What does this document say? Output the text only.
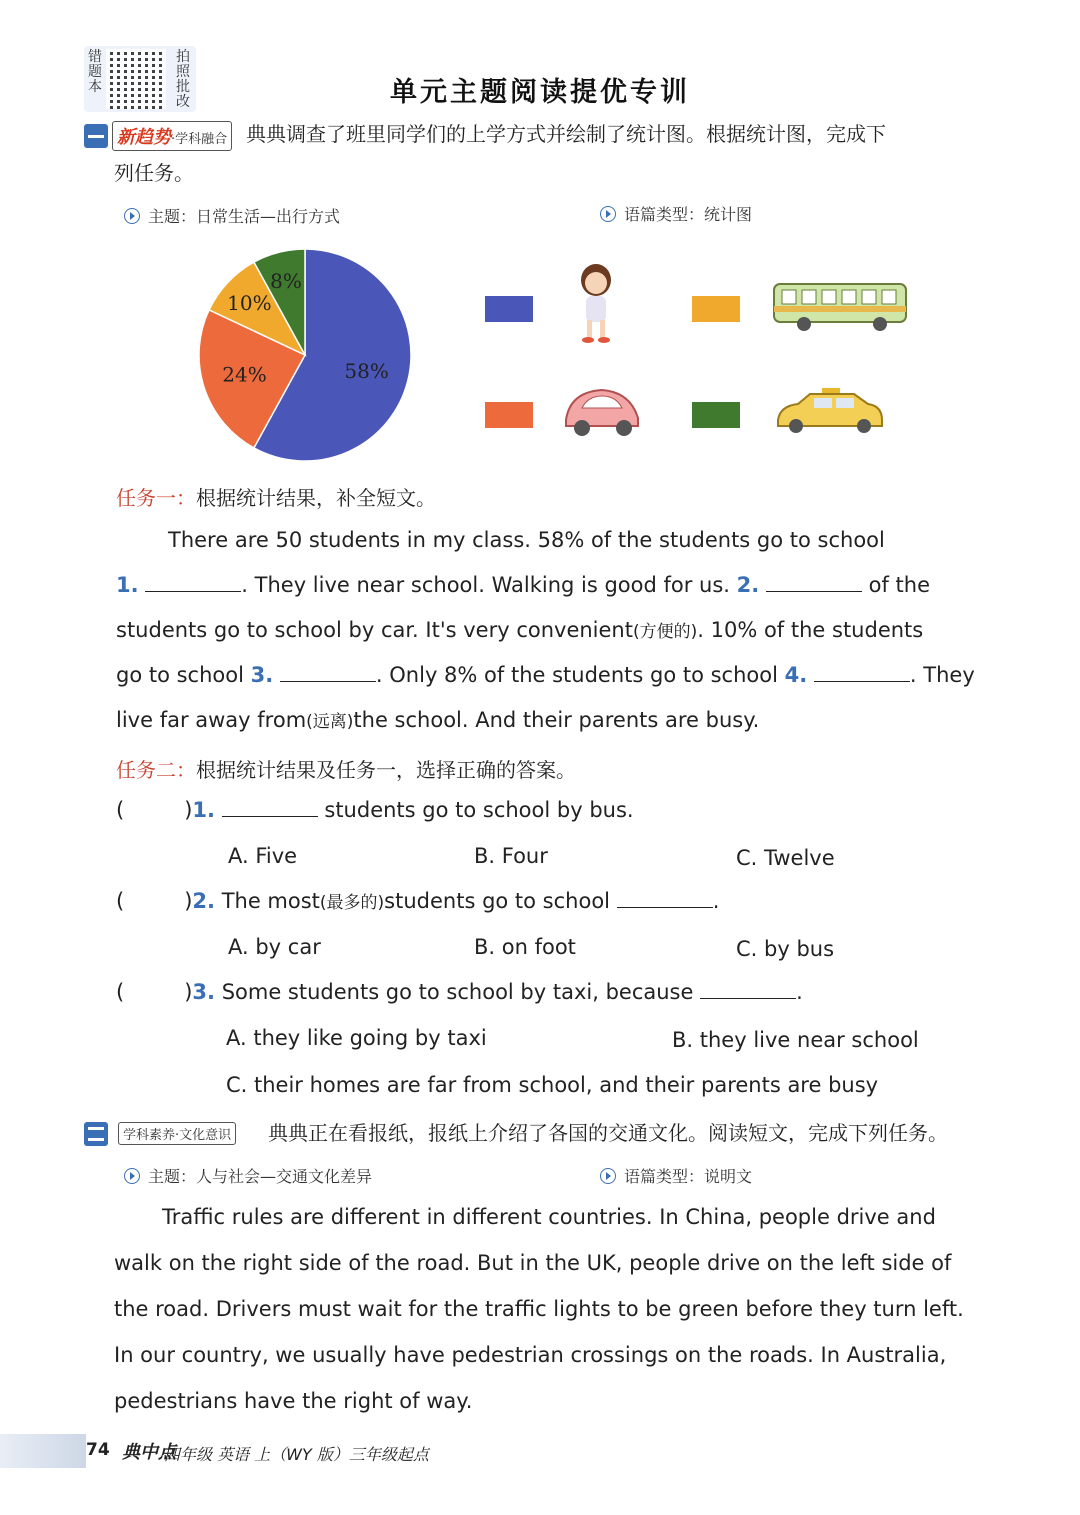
错题本
拍照批改	单元主题阅读提优专训
新趋势·学科融合 典典调查了班里同学们的上学方式并绘制了统计图。根据统计图，完成下
列任务。
主题：日常生活—出行方式	语篇类型：统计图
58%
24%
10%
8%
任务一：根据统计结果，补全短文。
There are 50 students in my class. 58% of the students go to school
1.	. They live near school. Walking is good for us. 2.	of the
students go to school by car. It's very convenient(方便的). 10% of the students
go to school 3.	. Only 8% of the students go to school 4.	. They
live far away from(远离)the school. And their parents are busy.
任务二：根据统计结果及任务一，选择正确的答案。
(	)1.	students go to school by bus.
A. Five	B. Four	C. Twelve
(	)2. The most(最多的)students go to school	.
A. by car	B. on foot	C. by bus
(	)3. Some students go to school by taxi, because	.
A. they like going by taxi	B. they live near school
C. their homes are far from school, and their parents are busy
学科素养·文化意识 典典正在看报纸，报纸上介绍了各国的交通文化。阅读短文，完成下列任务。
主题：人与社会—交通文化差异	语篇类型：说明文
Traffic rules are different in different countries. In China, people drive and
walk on the right side of the road. But in the UK, people drive on the left side of
the road. Drivers must wait for the traffic lights to be green before they turn left.
In our country, we usually have pedestrian crossings on the roads. In Australia,
pedestrians have the right of way.
74 典中点
四年级 英语 上（WY 版）三年级起点
